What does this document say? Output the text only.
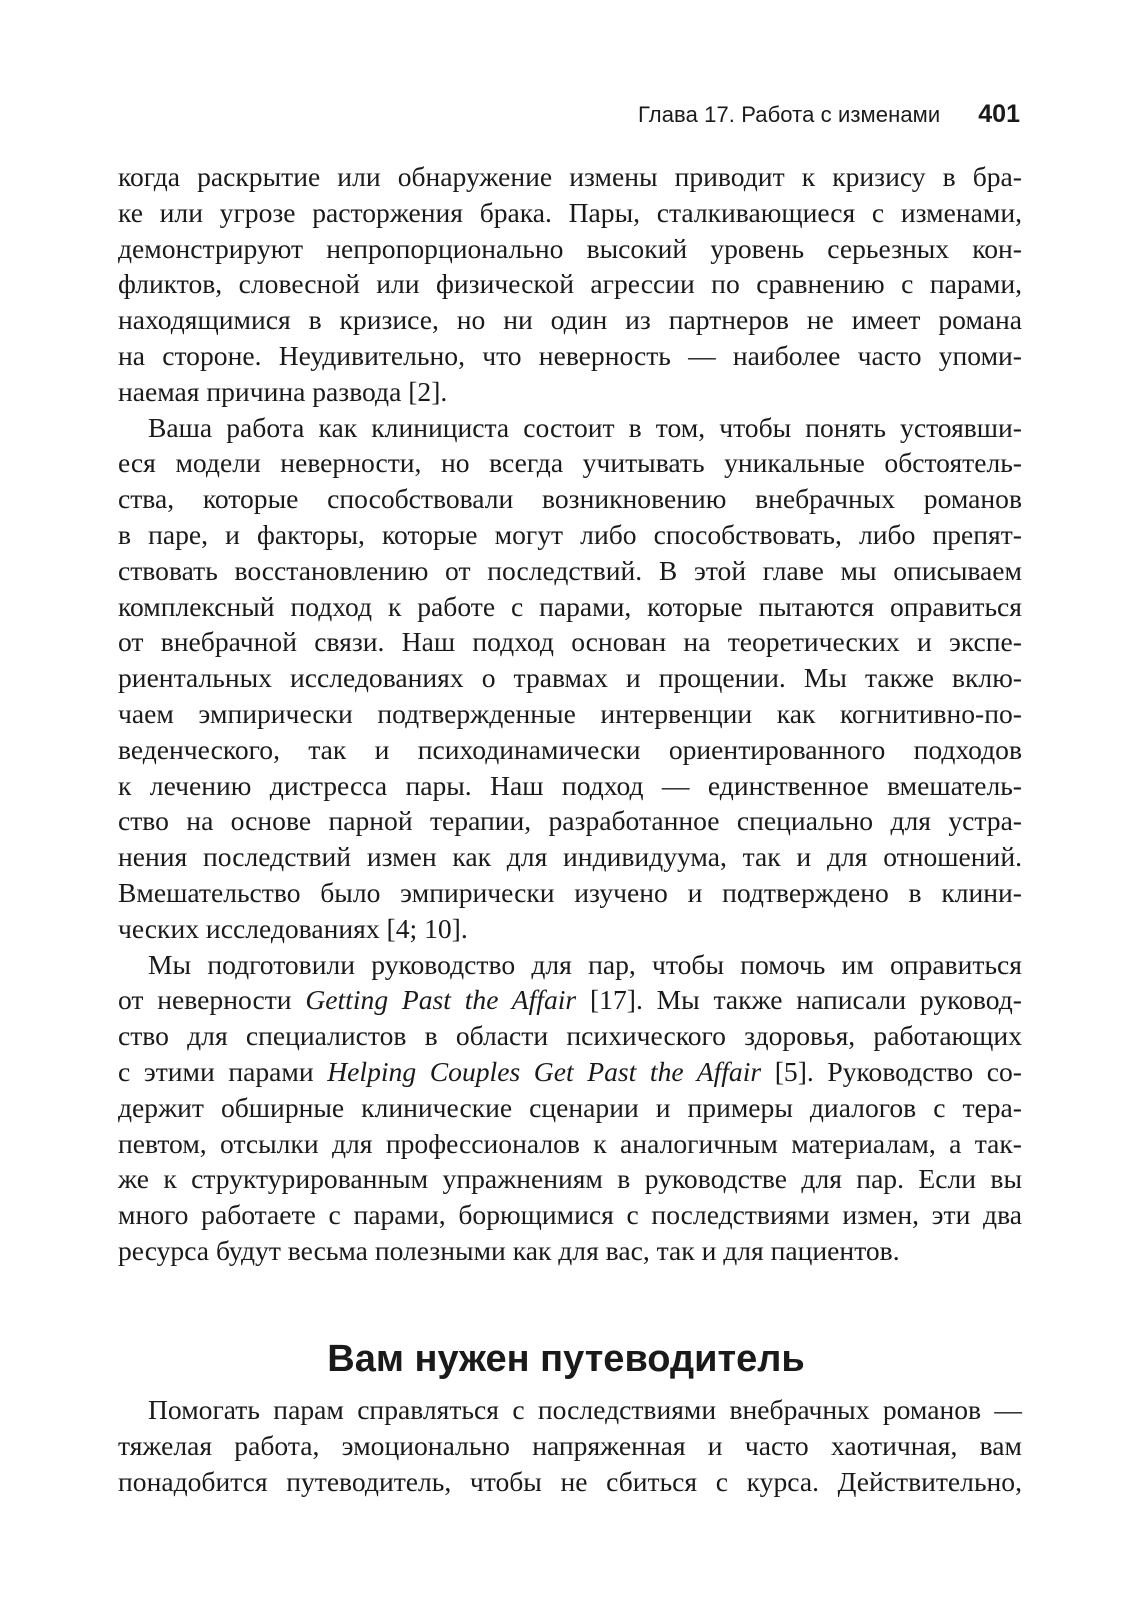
Глава 17. Работа с изменами 401
когда раскрытие или обнаружение измены приводит к кризису в бра-
ке или угрозе расторжения брака. Пары, сталкивающиеся с изменами,
демонстрируют непропорционально высокий уровень серьезных кон-
фликтов, словесной или физической агрессии по сравнению с парами,
находящимися в кризисе, но ни один из партнеров не имеет романа
на стороне. Неудивительно, что неверность — наиболее часто упоми-
наемая причина развода [2].
Ваша работа как клинициста состоит в том, чтобы понять устоявши-
еся модели неверности, но всегда учитывать уникальные обстоятель-
ства, которые способствовали возникновению внебрачных романов
в паре, и факторы, которые могут либо способствовать, либо препят-
ствовать восстановлению от последствий. В этой главе мы описываем
комплексный подход к работе с парами, которые пытаются оправиться
от внебрачной связи. Наш подход основан на теоретических и экспе-
риентальных исследованиях о травмах и прощении. Мы также вклю-
чаем эмпирически подтвержденные интервенции как когнитивно-по-
веденческого, так и психодинамически ориентированного подходов
к лечению дистресса пары. Наш подход — единственное вмешатель-
ство на основе парной терапии, разработанное специально для устра-
нения последствий измен как для индивидуума, так и для отношений.
Вмешательство было эмпирически изучено и подтверждено в клини-
ческих исследованиях [4; 10].
Мы подготовили руководство для пар, чтобы помочь им оправиться
от неверности Getting Past the Affair [17]. Мы также написали руковод-
ство для специалистов в области психического здоровья, работающих
с этими парами Helping Couples Get Past the Affair [5]. Руководство со-
держит обширные клинические сценарии и примеры диалогов с тера-
певтом, отсылки для профессионалов к аналогичным материалам, а так-
же к структурированным упражнениям в руководстве для пар. Если вы
много работаете с парами, борющимися с последствиями измен, эти два
ресурса будут весьма полезными как для вас, так и для пациентов.
Вам нужен путеводитель
Помогать парам справляться с последствиями внебрачных романов —
тяжелая работа, эмоционально напряженная и часто хаотичная, вам
понадобится путеводитель, чтобы не сбиться с курса. Действительно,
